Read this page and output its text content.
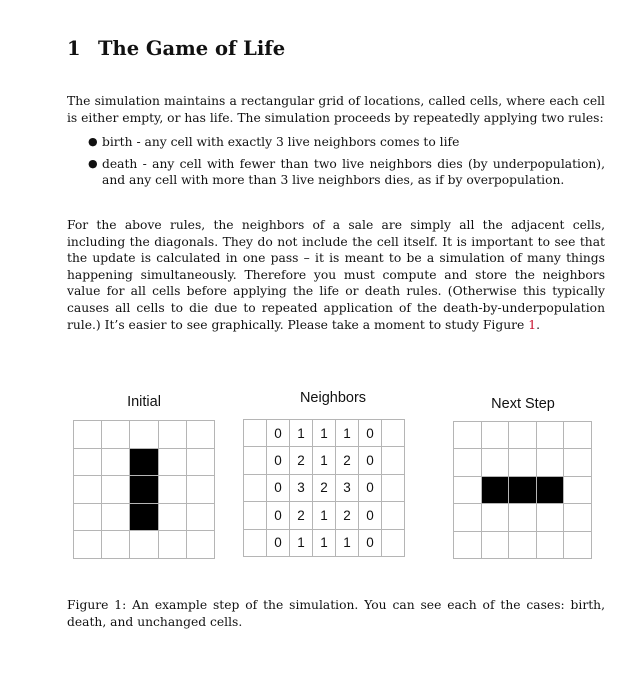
1 The Game of Life
The simulation maintains a rectangular grid of locations, called cells, where each cell is either empty, or has life. The simulation proceeds by repeatedly applying two rules:
● birth - any cell with exactly 3 live neighbors comes to life
● death - any cell with fewer than two live neighbors dies (by underpopulation), and any cell with more than 3 live neighbors dies, as if by overpopulation.
For the above rules, the neighbors of a sale are simply all the adjacent cells, including the diagonals. They do not include the cell itself. It is important to see that the update is calculated in one pass – it is meant to be a simulation of many things happening simultaneously. Therefore you must compute and store the neighbors value for all cells before applying the life or death rules. (Otherwise this typically causes all cells to die due to repeated application of the death-by-underpopulation rule.) It’s easier to see graphically. Please take a moment to study Figure 1.
Initial	Neighbors
0	1	1	1	0
0	2	1	2	0
0	3	2	3	0
0	2	1	2	0
0	1	1	1	0
Next Step
Figure 1: An example step of the simulation. You can see each of the cases: birth, death, and unchanged cells.
